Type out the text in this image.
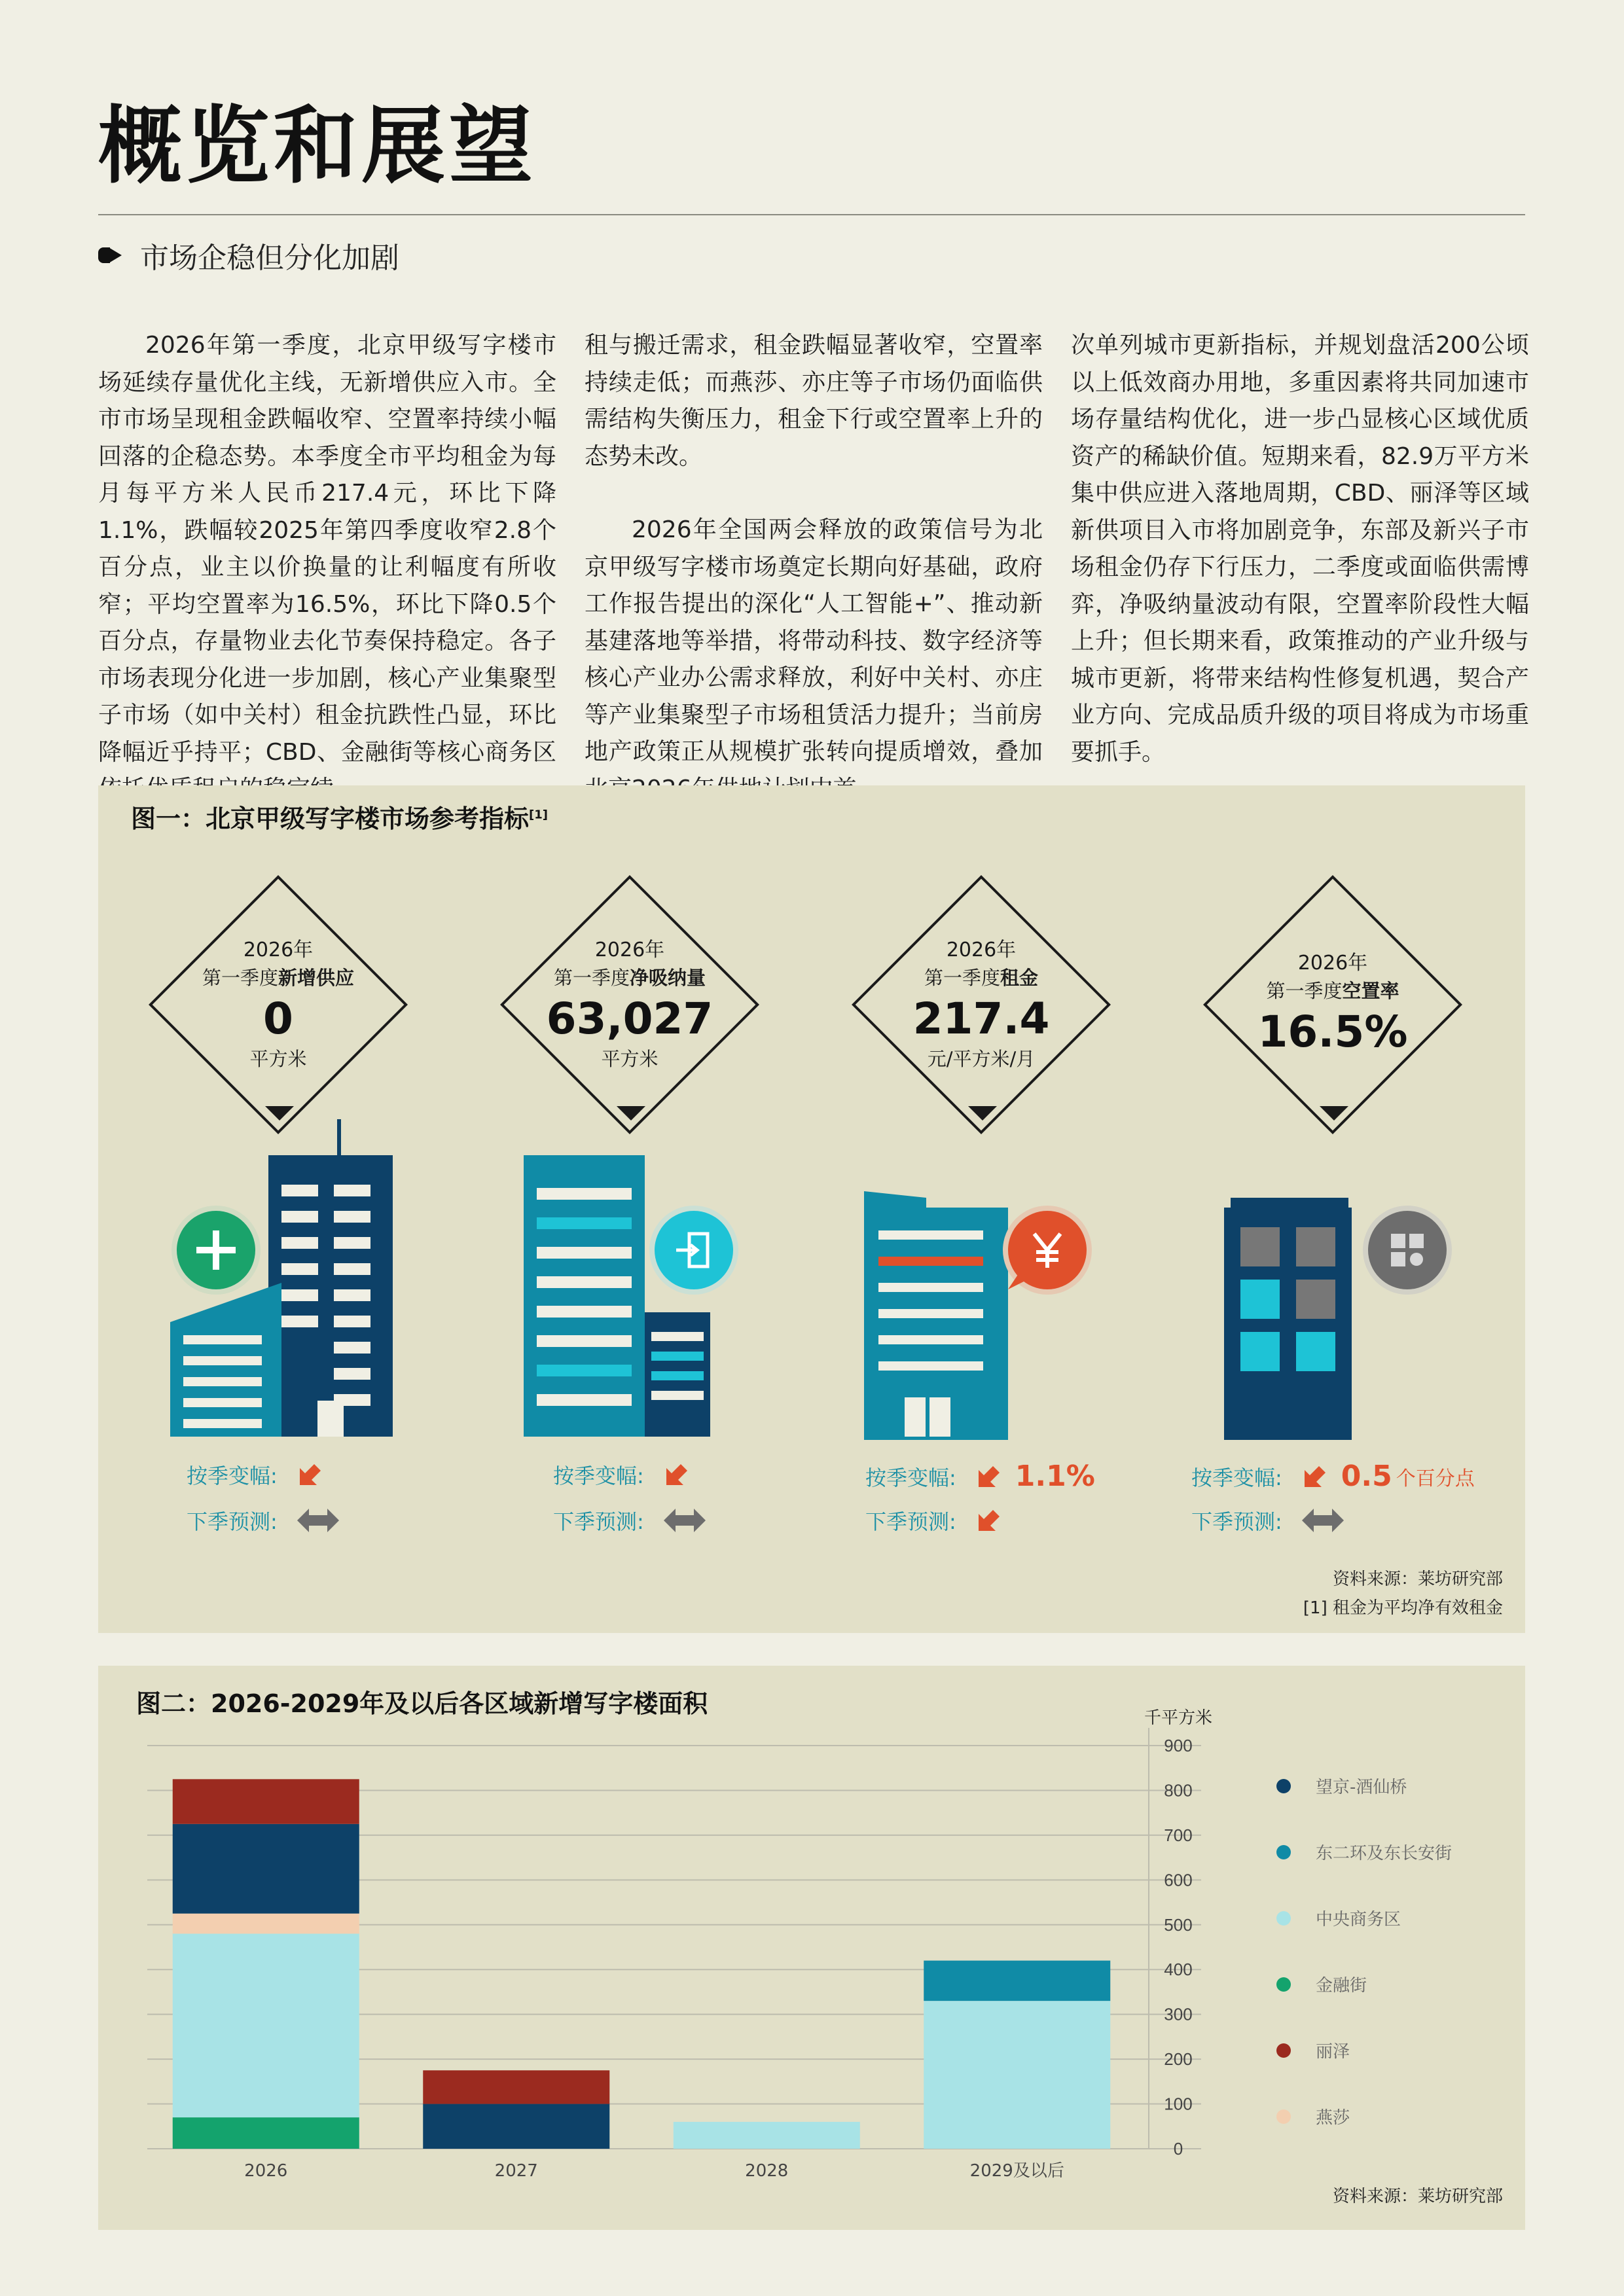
概览和展望
市场企稳但分化加剧

2026年第一季度，北京甲级写字楼市场延续存量优化主线，无新增供应入市。全市市场呈现租金跌幅收窄、空置率持续小幅回落的企稳态势。本季度全市平均租金为每月每平方米人民币217.4元，环比下降1.1%，跌幅较2025年第四季度收窄2.8个百分点，业主以价换量的让利幅度有所收窄；平均空置率为16.5%，环比下降0.5个百分点，存量物业去化节奏保持稳定。各子市场表现分化进一步加剧，核心产业集聚型子市场（如中关村）租金抗跌性凸显，环比降幅近乎持平；CBD、金融街等核心商务区

租与搬迁需求，租金跌幅显著收窄，空置率持续走低；而燕莎、亦庄等子市场仍面临供需结构失衡压力，租金下行或空置率上升的态势未改。

2026年全国两会释放的政策信号为北京甲级写字楼市场奠定长期向好基础，政府工作报告提出的深化“人工智能+”、推动新基建落地等举措，将带动科技、数字经济等核心产业办公需求释放，利好中关村、亦庄等产业集聚型子市场租赁活力提升；当前房地产政策正从规模扩张转向提质增效，叠加

次单列城市更新指标，并规划盘活200公顷以上低效商办用地，多重因素将共同加速市场存量结构优化，进一步凸显核心区域优质资产的稀缺价值。短期来看，82.9万平方米集中供应进入落地周期，CBD、丽泽等区域新供项目入市将加剧竞争，东部及新兴子市场租金仍存下行压力，二季度或面临供需博弈，净吸纳量波动有限，空置率阶段性大幅上升；但长期来看，政策推动的产业升级与城市更新，将带来结构性修复机遇，契合产业方向、完成品质升级的项目将成为市场重要抓手。

图一：北京甲级写字楼市场参考指标[1]
2026年
第一季度新增供应
0
平方米
2026年
第一季度净吸纳量
63,027
平方米
2026年
第一季度租金
217.4
元/平方米/月
2026年
第一季度空置率
16.5%
按季变幅:
下季预测:
按季变幅:
下季预测:
按季变幅: 1.1%
下季预测:
按季变幅: 0.5 个百分点
下季预测:
资料来源：莱坊研究部
[1] 租金为平均净有效租金
图二：2026-2029年及以后各区域新增写字楼面积
0
100
200
300
400
500
600
700
800
900
千平方米
2026	2027	2028	2029及以后
望京-酒仙桥
东二环及东长安街
中央商务区
金融街
丽泽
燕莎
资料来源：莱坊研究部
